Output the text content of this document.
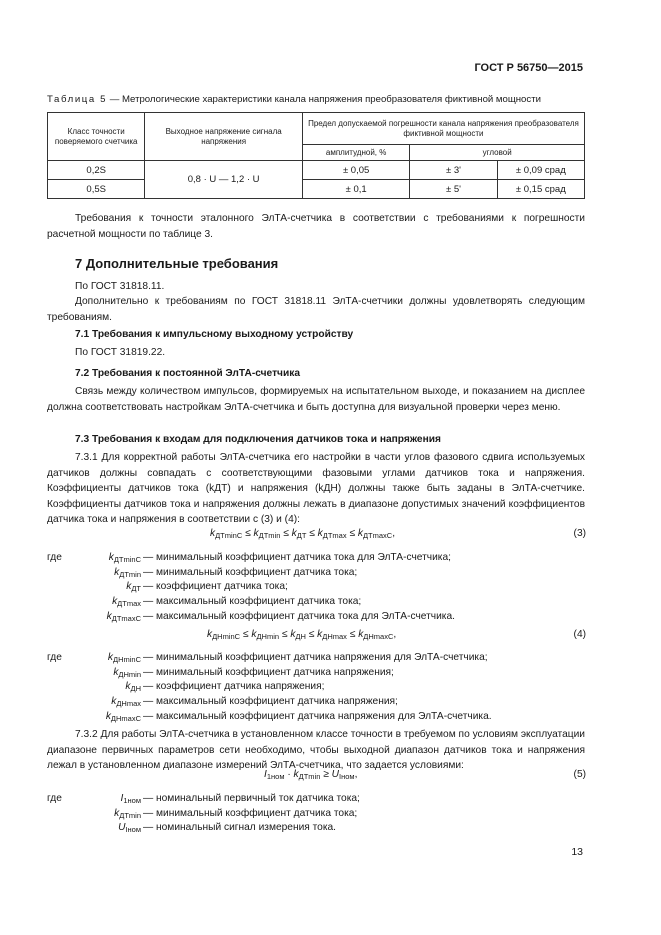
ГОСТ Р 56750—2015
Таблица 5 — Метрологические характеристики канала напряжения преобразователя фиктивной мощности
Класс точности поверяемого счетчика	Выходное напряжение сигнала напряжения	Предел допускаемой погрешности канала напряжения преобразователя фиктивной мощности		
		амплитудной, %	угловой	
0,2S	0,8 · U — 1,2 · U	± 0,05	± 3'	± 0,09 срад
0,5S		± 0,1	± 5'	± 0,15 срад
Требования к точности эталонного ЭлТА-счетчика в соответствии с требованиями к погрешности расчетной мощности по таблице 3.
7 Дополнительные требования
По ГОСТ 31818.11.
Дополнительно к требованиям по ГОСТ 31818.11 ЭлТА-счетчики должны удовлетворять следующим требованиям.
7.1 Требования к импульсному выходному устройству
По ГОСТ 31819.22.
7.2 Требования к постоянной ЭлТА-счетчика
Связь между количеством импульсов, формируемых на испытательном выходе, и показанием на дисплее должна соответствовать настройкам ЭлТА-счетчика и быть доступна для визуальной проверки через меню.
7.3 Требования к входам для подключения датчиков тока и напряжения
7.3.1 Для корректной работы ЭлТА-счетчика его настройки в части углов фазового сдвига используемых датчиков должны совпадать с соответствующими фазовыми углами датчиков тока и напряжения. Коэффициенты датчиков тока (kДТ) и напряжения (kДН) должны также быть заданы в ЭлТА-счетчике. Коэффициенты датчиков тока и напряжения должны лежать в диапазоне допустимых значений коэффициентов датчика тока и напряжения в соответствии с (3) и (4):
$k_{ДТminC} \le k_{ДТmin} \le k_{ДТ} \le k_{ДТmax} \le k_{ДТmaxC}$,	(3)
где	$k_{ДТminC}$ — минимальный коэффициент датчика тока для ЭлТА-счетчика;
$k_{ДТmin}$ — минимальный коэффициент датчика тока;
$k_{ДТ}$ — коэффициент датчика тока;
$k_{ДТmax}$ — максимальный коэффициент датчика тока;
$k_{ДТmaxC}$ — максимальный коэффициент датчика тока для ЭлТА-счетчика.
$k_{ДНminC} \le k_{ДНmin} \le k_{ДН} \le k_{ДНmax} \le k_{ДНmaxC}$,	(4)
где	$k_{ДНminC}$ — минимальный коэффициент датчика напряжения для ЭлТА-счетчика;
$k_{ДНmin}$ — минимальный коэффициент датчика напряжения;
$k_{ДН}$ — коэффициент датчика напряжения;
$k_{ДНmax}$ — максимальный коэффициент датчика напряжения;
$k_{ДНmaxC}$ — максимальный коэффициент датчика напряжения для ЭлТА-счетчика.
7.3.2 Для работы ЭлТА-счетчика в установленном классе точности в требуемом по условиям эксплуатации диапазоне первичных параметров сети необходимо, чтобы выходной диапазон датчиков тока и напряжения лежал в установленном диапазоне измерений ЭлТА-счетчика, что задается условиями:
$I_{1ном} \cdot k_{ДТmin} \ge U_{Iном}$,	(5)
где	$I_{1ном}$ — номинальный первичный ток датчика тока;
$k_{ДТmin}$ — минимальный коэффициент датчика тока;
$U_{Iном}$ — номинальный сигнал измерения тока.
13
